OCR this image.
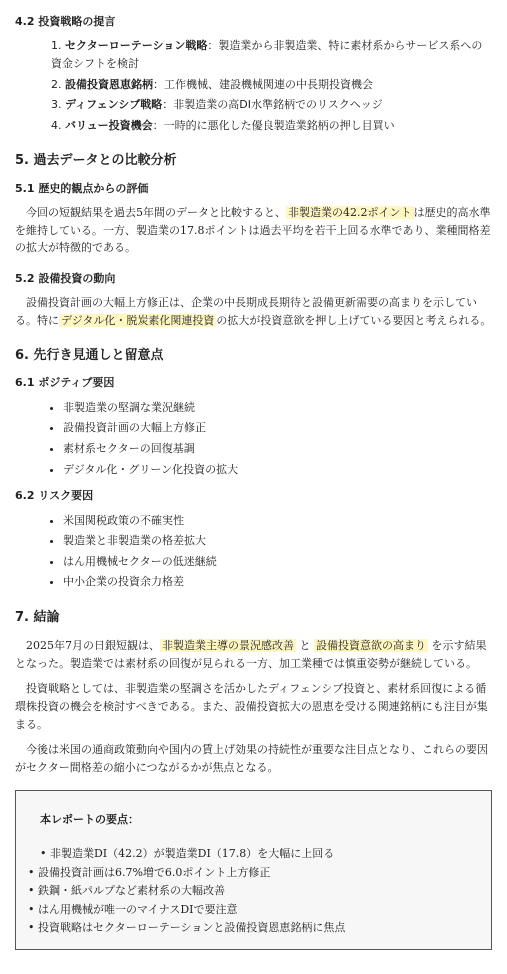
4.2 投資戦略の提言
1. セクターローテーション戦略：製造業から非製造業、特に素材系からサービス系への資金シフトを検討
2. 設備投資恩恵銘柄：工作機械、建設機械関連の中長期投資機会
3. ディフェンシブ戦略：非製造業の高DI水準銘柄でのリスクヘッジ
4. バリュー投資機会：一時的に悪化した優良製造業銘柄の押し目買い
5. 過去データとの比較分析
5.1 歴史的観点からの評価

今回の短観結果を過去5年間のデータと比較すると、 非製造業の42.2ポイント は歴史的高水準を維持している。一方、製造業の17.8ポイントは過去平均を若干上回る水準であり、業種間格差の拡大が特徴的である。

5.2 設備投資の動向

設備投資計画の大幅上方修正は、企業の中長期成長期待と設備更新需要の高まりを示している。特に デジタル化・脱炭素化関連投資 の拡大が投資意欲を押し上げている要因と考えられる。

6. 先行き見通しと留意点
6.1 ポジティブ要因
• 非製造業の堅調な業況継続
• 設備投資計画の大幅上方修正
• 素材系セクターの回復基調
• デジタル化・グリーン化投資の拡大
6.2 リスク要因
• 米国関税政策の不確実性
• 製造業と非製造業の格差拡大
• はん用機械セクターの低迷継続
• 中小企業の投資余力格差
7. 結論

2025年7月の日銀短観は、 非製造業主導の景況感改善 と 設備投資意欲の高まり を示す結果となった。製造業では素材系の回復が見られる一方、加工業種では慎重姿勢が継続している。

投資戦略としては、非製造業の堅調さを活かしたディフェンシブ投資と、素材系回復による循環株投資の機会を検討すべきである。また、設備投資拡大の恩恵を受ける関連銘柄にも注目が集まる。

今後は米国の通商政策動向や国内の賃上げ効果の持続性が重要な注目点となり、これらの要因がセクター間格差の縮小につながるかが焦点となる。

本レポートの要点：
• 非製造業DI（42.2）が製造業DI（17.8）を大幅に上回る
• 設備投資計画は6.7%増で6.0ポイント上方修正
• 鉄鋼・紙パルプなど素材系の大幅改善
• はん用機械が唯一のマイナスDIで要注意
• 投資戦略はセクターローテーションと設備投資恩恵銘柄に焦点
